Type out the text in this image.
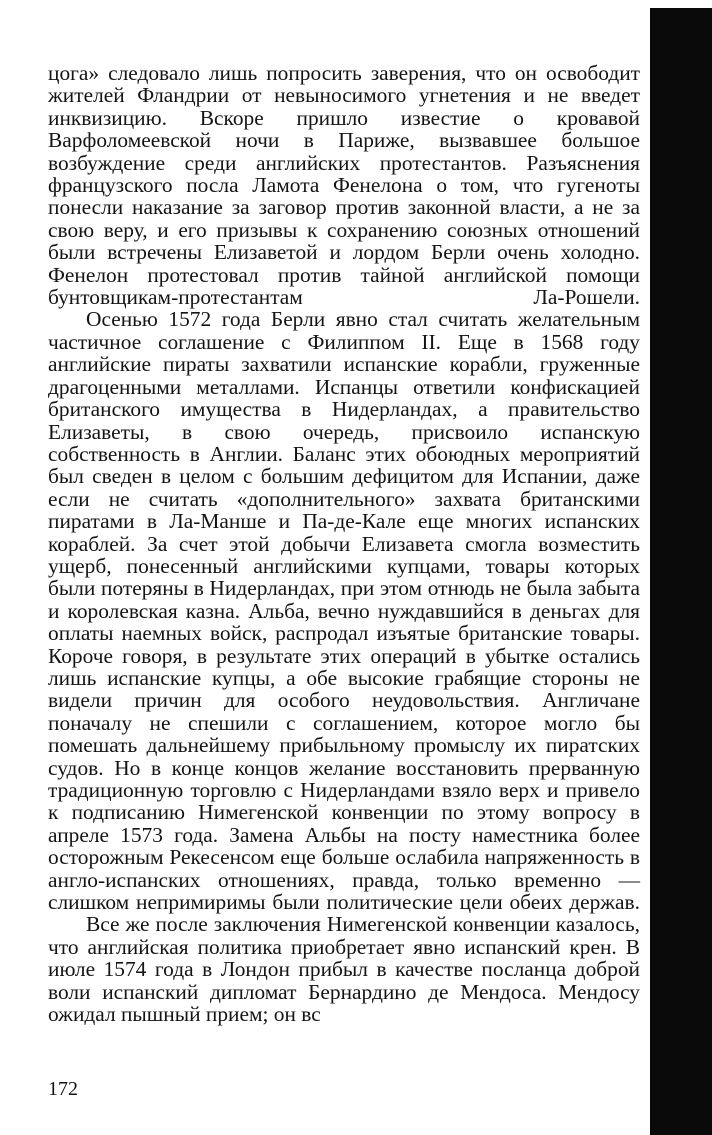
цога» следовало лишь попросить заверения, что он освободит жителей Фландрии от невыносимого угнетения и не введет инквизицию. Вскоре пришло известие о кровавой Варфоломеевской ночи в Париже, вызвавшее большое возбуждение среди английских протестантов. Разъяснения французского посла Ламота Фенелона о том, что гугеноты понесли наказание за заговор против законной власти, а не за свою веру, и его призывы к сохранению союзных отношений были встречены Елизаветой и лордом Берли очень холодно. Фенелон протестовал против тайной английской помощи бунтовщикам-протестантам Ла-Рошели.

Осенью 1572 года Берли явно стал считать желательным частичное соглашение с Филиппом II. Еще в 1568 году английские пираты захватили испанские корабли, груженные драгоценными металлами. Испанцы ответили конфискацией британского имущества в Нидерландах, а правительство Елизаветы, в свою очередь, присвоило испанскую собственность в Англии. Баланс этих обоюдных мероприятий был сведен в целом с большим дефицитом для Испании, даже если не считать «дополнительного» захвата британскими пиратами в Ла-Манше и Па-де-Кале еще многих испанских кораблей. За счет этой добычи Елизавета смогла возместить ущерб, понесенный английскими купцами, товары которых были потеряны в Нидерландах, при этом отнюдь не была забыта и королевская казна. Альба, вечно нуждавшийся в деньгах для оплаты наемных войск, распродал изъятые британские товары. Короче говоря, в результате этих операций в убытке остались лишь испанские купцы, а обе высокие грабящие стороны не видели причин для особого неудовольствия. Англичане поначалу не спешили с соглашением, которое могло бы помешать дальнейшему прибыльному промыслу их пиратских судов. Но в конце концов желание восстановить прерванную традиционную торговлю с Нидерландами взяло верх и привело к подписанию Нимегенской конвенции по этому вопросу в апреле 1573 года. Замена Альбы на посту наместника более осторожным Рекесенсом еще больше ослабила напряженность в англо-испанских отношениях, правда, только временно — слишком непримиримы были политические цели обеих держав.

Все же после заключения Нимегенской конвенции казалось, что английская политика приобретает явно испанский крен. В июле 1574 года в Лондон прибыл в качестве посланца доброй воли испанский дипломат Бернардино де Мендоса. Мендосу ожидал пышный прием; он вс

172
